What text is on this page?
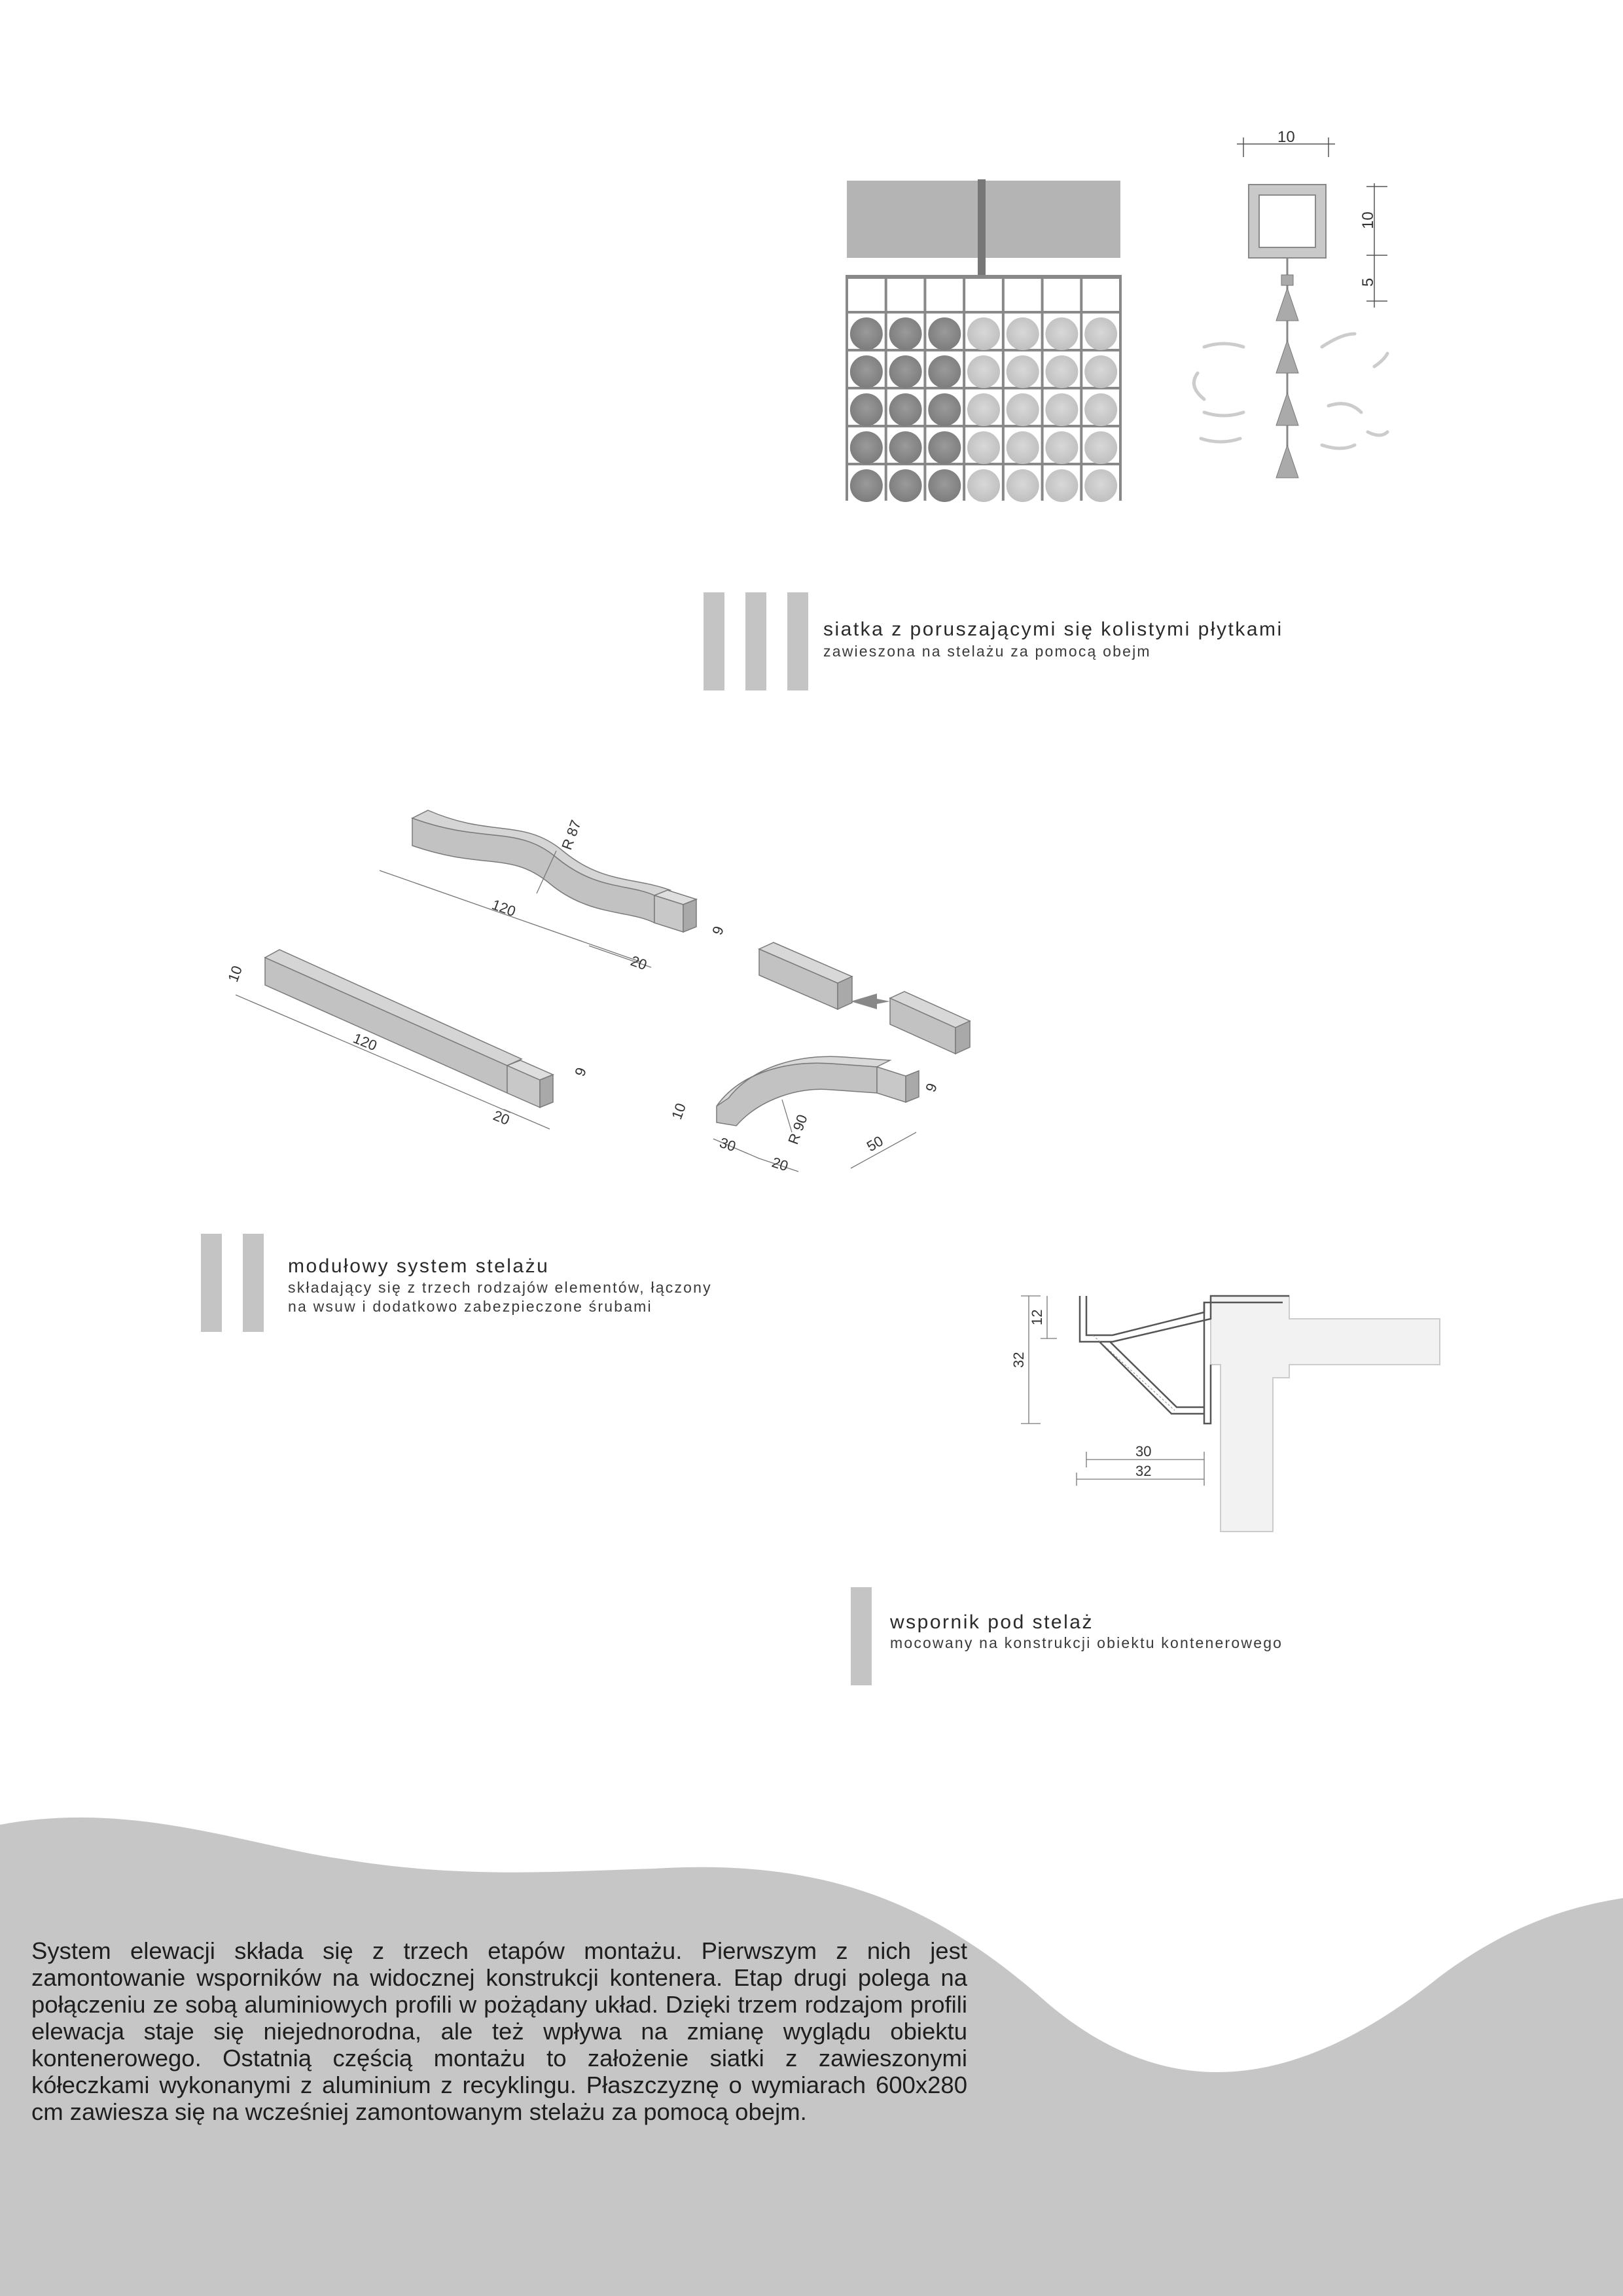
10
10
5
siatka z poruszającymi się kolistymi płytkami
zawieszona na stelażu za pomocą obejm
R 87
120
20
9
10
120
20
9
10
30
20
R 90	50
9
modułowy system stelażu
składający się z trzech rodzajów elementów, łączony
na wsuw i dodatkowo zabezpieczone śrubami
32
12
30
32
wspornik pod stelaż
mocowany na konstrukcji obiektu kontenerowego
System elewacji składa się z trzech etapów montażu. Pierwszym z nich jest zamontowanie wsporników na widocznej konstrukcji kontenera. Etap drugi polega na połączeniu ze sobą aluminiowych profili w pożądany układ. Dzięki trzem rodzajom profili elewacja staje się niejednorodna, ale też wpływa na zmianę wyglądu obiektu kontenerowego. Ostatnią częścią montażu to założenie siatki z zawieszonymi kółeczkami wykonanymi z aluminium z recyklingu. Płaszczyznę o wymiarach 600x280 cm zawiesza się na wcześniej zamontowanym stelażu za pomocą obejm.
